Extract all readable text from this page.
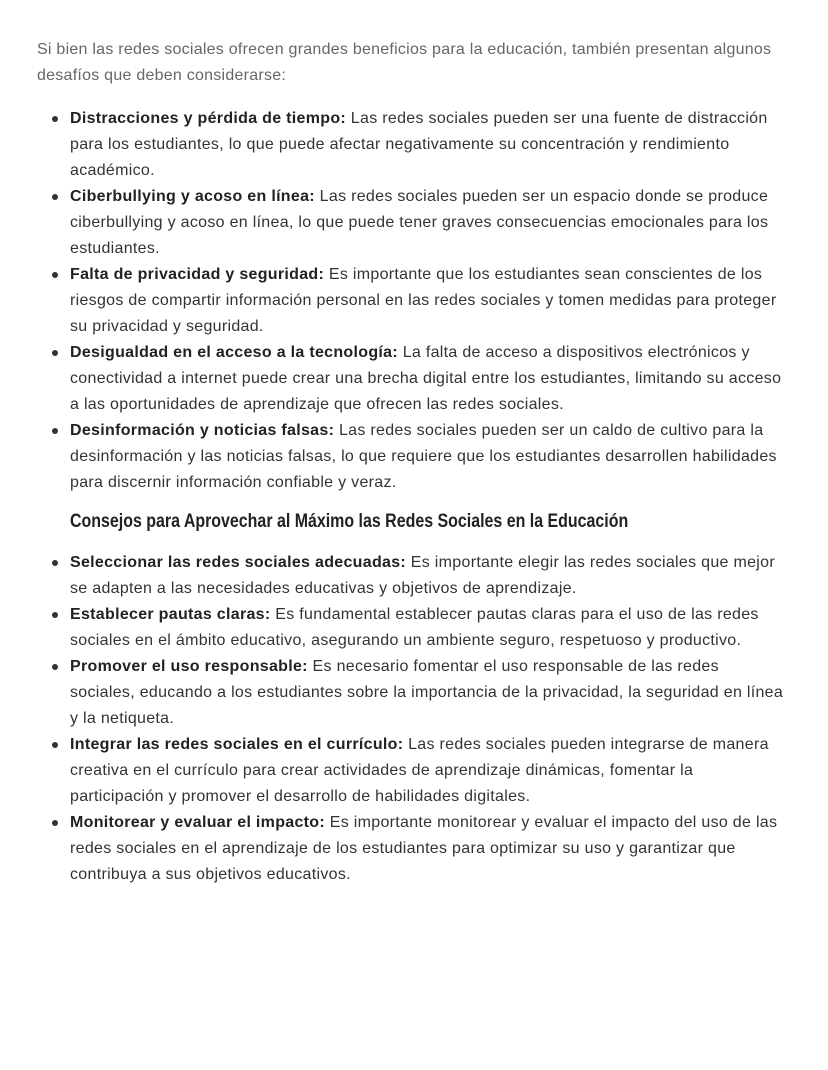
Si bien las redes sociales ofrecen grandes beneficios para la educación, también presentan algunos desafíos que deben considerarse:

Distracciones y pérdida de tiempo: Las redes sociales pueden ser una fuente de distracción para los estudiantes, lo que puede afectar negativamente su concentración y rendimiento académico.
Ciberbullying y acoso en línea: Las redes sociales pueden ser un espacio donde se produce ciberbullying y acoso en línea, lo que puede tener graves consecuencias emocionales para los estudiantes.
Falta de privacidad y seguridad: Es importante que los estudiantes sean conscientes de los riesgos de compartir información personal en las redes sociales y tomen medidas para proteger su privacidad y seguridad.
Desigualdad en el acceso a la tecnología: La falta de acceso a dispositivos electrónicos y conectividad a internet puede crear una brecha digital entre los estudiantes, limitando su acceso a las oportunidades de aprendizaje que ofrecen las redes sociales.
Desinformación y noticias falsas: Las redes sociales pueden ser un caldo de cultivo para la desinformación y las noticias falsas, lo que requiere que los estudiantes desarrollen habilidades para discernir información confiable y veraz.
Consejos para Aprovechar al Máximo las Redes Sociales en la Educación
Seleccionar las redes sociales adecuadas: Es importante elegir las redes sociales que mejor se adapten a las necesidades educativas y objetivos de aprendizaje.
Establecer pautas claras: Es fundamental establecer pautas claras para el uso de las redes sociales en el ámbito educativo, asegurando un ambiente seguro, respetuoso y productivo.
Promover el uso responsable: Es necesario fomentar el uso responsable de las redes sociales, educando a los estudiantes sobre la importancia de la privacidad, la seguridad en línea y la netiqueta.
Integrar las redes sociales en el currículo: Las redes sociales pueden integrarse de manera creativa en el currículo para crear actividades de aprendizaje dinámicas, fomentar la participación y promover el desarrollo de habilidades digitales.
Monitorear y evaluar el impacto: Es importante monitorear y evaluar el impacto del uso de las redes sociales en el aprendizaje de los estudiantes para optimizar su uso y garantizar que contribuya a sus objetivos educativos.
